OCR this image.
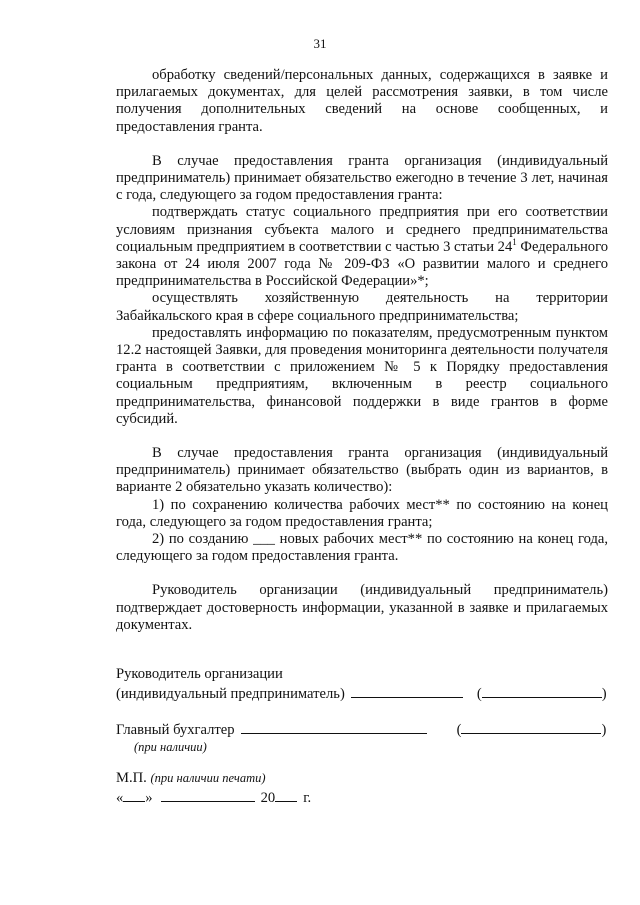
31

обработку сведений/персональных данных, содержащихся в заявке и прилагаемых документах, для целей рассмотрения заявки, в том числе получения дополнительных сведений на основе сообщенных, и предоставления гранта.

В случае предоставления гранта организация (индивидуальный предприниматель) принимает обязательство ежегодно в течение 3 лет, начиная с года, следующего за годом предоставления гранта:

подтверждать статус социального предприятия при его соответствии условиям признания субъекта малого и среднего предпринимательства социальным предприятием в соответствии с частью 3 статьи $24^1$ Федерального закона от 24 июля 2007 года № 209-ФЗ «О развитии малого и среднего предпринимательства в Российской Федерации»*;

осуществлять хозяйственную деятельность на территории Забайкальского края в сфере социального предпринимательства;

предоставлять информацию по показателям, предусмотренным пунктом 12.2 настоящей Заявки, для проведения мониторинга деятельности получателя гранта в соответствии с приложением № 5 к Порядку предоставления социальным предприятиям, включенным в реестр социального предпринимательства, финансовой поддержки в виде грантов в форме субсидий.

В случае предоставления гранта организация (индивидуальный предприниматель) принимает обязательство (выбрать один из вариантов, в варианте 2 обязательно указать количество):

1) по сохранению количества рабочих мест** по состоянию на конец года, следующего за годом предоставления гранта;

2) по созданию ___ новых рабочих мест** по состоянию на конец года, следующего за годом предоставления гранта.

Руководитель организации (индивидуальный предприниматель) подтверждает достоверность информации, указанной в заявке и прилагаемых документах.

Руководитель организации
(индивидуальный предприниматель)	(	)
Главный бухгалтер	(	)
(при наличии)
М.П. (при наличии печати)
« »	20 г.
